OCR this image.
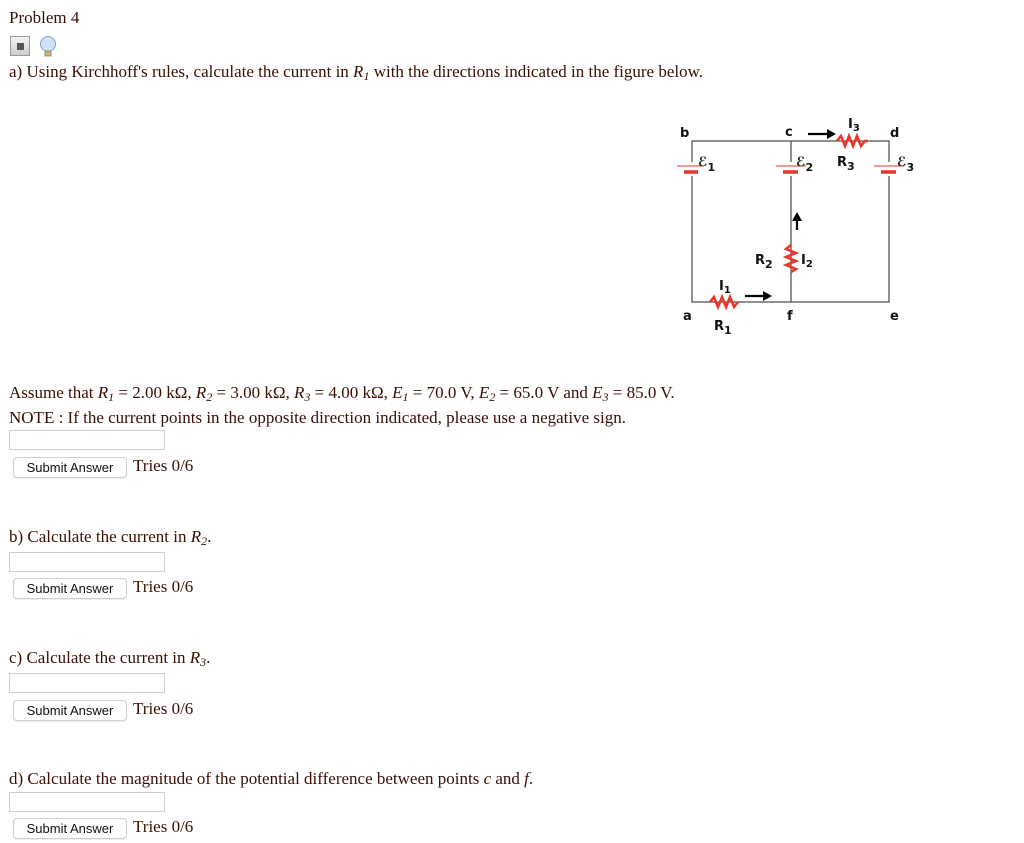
Problem 4
a) Using Kirchhoff's rules, calculate the current in $R_1$ with the directions indicated in the figure below.
b	c	d
a	f	e
ℰ$_1$	ℰ$_2$	ℰ$_3$
$R_3$
$I_3$
$R_2$ $I_2$
$I_1$
$R_1$
Assume that $R_1 = 2.00$ kΩ, $R_2 = 3.00$ kΩ, $R_3 = 4.00$ kΩ, $E_1 = 70.0$ V, $E_2 = 65.0$ V and $E_3 = 85.0$ V.
NOTE : If the current points in the opposite direction indicated, please use a negative sign.
Submit Answer	Tries 0/6
b) Calculate the current in $R_2$.
Submit Answer	Tries 0/6
c) Calculate the current in $R_3$.
Submit Answer	Tries 0/6
d) Calculate the magnitude of the potential difference between points c and f.
Submit Answer	Tries 0/6
